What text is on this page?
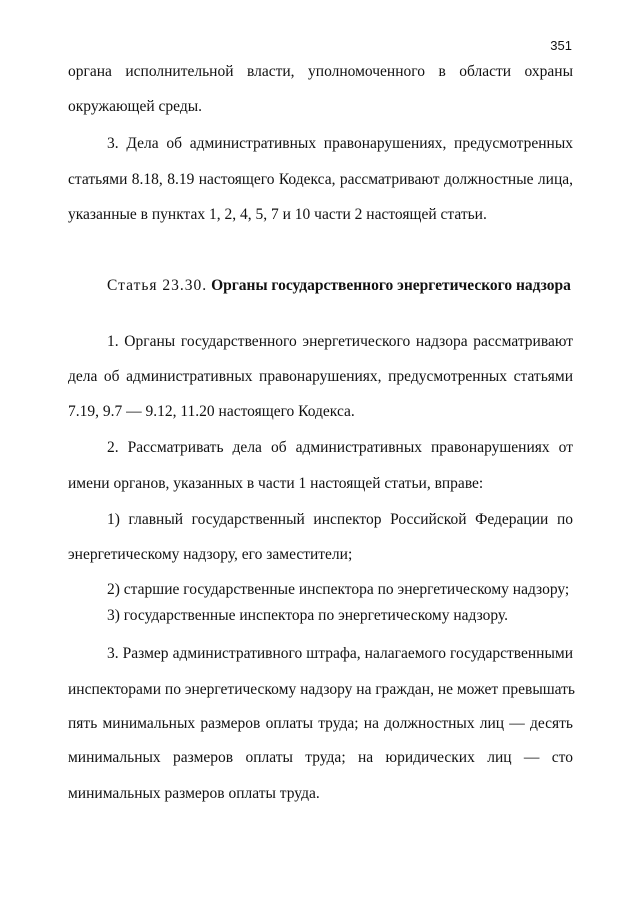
351
органа исполнительной власти, уполномоченного в области охраны
окружающей среды.
3. Дела об административных правонарушениях, предусмотренных
статьями 8.18, 8.19 настоящего Кодекса, рассматривают должностные лица,
указанные в пунктах 1, 2, 4, 5, 7 и 10 части 2 настоящей статьи.
Статья 23.30. Органы государственного энергетического надзора
1. Органы государственного энергетического надзора рассматривают
дела об административных правонарушениях, предусмотренных статьями
7.19, 9.7 — 9.12, 11.20 настоящего Кодекса.
2. Рассматривать дела об административных правонарушениях от
имени органов, указанных в части 1 настоящей статьи, вправе:
1) главный государственный инспектор Российской Федерации по
энергетическому надзору, его заместители;
2) старшие государственные инспектора по энергетическому надзору;
3) государственные инспектора по энергетическому надзору.
3. Размер административного штрафа, налагаемого государственными
инспекторами по энергетическому надзору на граждан, не может превышать
пять минимальных размеров оплаты труда; на должностных лиц — десять
минимальных размеров оплаты труда; на юридических лиц — сто
минимальных размеров оплаты труда.
